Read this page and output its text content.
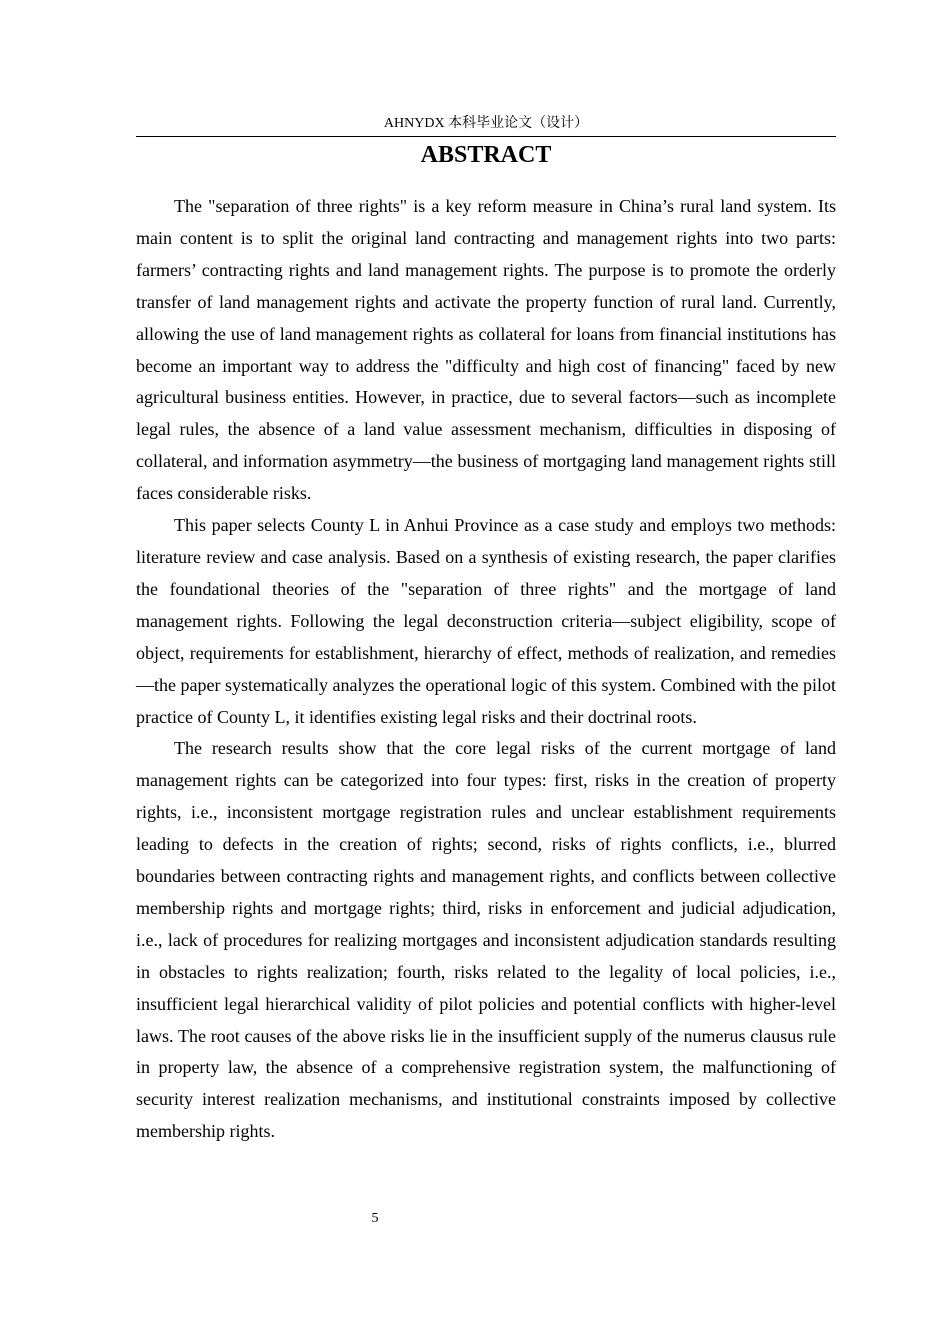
AHNYDX 本科毕业论文（设计）
ABSTRACT

The "separation of three rights" is a key reform measure in China’s rural land system. Its main content is to split the original land contracting and management rights into two parts: farmers’ contracting rights and land management rights. The purpose is to promote the orderly transfer of land management rights and activate the property function of rural land. Currently, allowing the use of land management rights as collateral for loans from financial institutions has become an important way to address the "difficulty and high cost of financing" faced by new agricultural business entities. However, in practice, due to several factors—such as incomplete legal rules, the absence of a land value assessment mechanism, difficulties in disposing of collateral, and information asymmetry—the business of mortgaging land management rights still faces considerable risks.

This paper selects County L in Anhui Province as a case study and employs two methods: literature review and case analysis. Based on a synthesis of existing research, the paper clarifies the foundational theories of the "separation of three rights" and the mortgage of land management rights. Following the legal deconstruction criteria—subject eligibility, scope of object, requirements for establishment, hierarchy of effect, methods of realization, and remedies—the paper systematically analyzes the operational logic of this system. Combined with the pilot practice of County L, it identifies existing legal risks and their doctrinal roots.

The research results show that the core legal risks of the current mortgage of land management rights can be categorized into four types: first, risks in the creation of property rights, i.e., inconsistent mortgage registration rules and unclear establishment requirements leading to defects in the creation of rights; second, risks of rights conflicts, i.e., blurred boundaries between contracting rights and management rights, and conflicts between collective membership rights and mortgage rights; third, risks in enforcement and judicial adjudication, i.e., lack of procedures for realizing mortgages and inconsistent adjudication standards resulting in obstacles to rights realization; fourth, risks related to the legality of local policies, i.e., insufficient legal hierarchical validity of pilot policies and potential conflicts with higher-level laws. The root causes of the above risks lie in the insufficient supply of the numerus clausus rule in property law, the absence of a comprehensive registration system, the malfunctioning of security interest realization mechanisms, and institutional constraints imposed by collective membership rights.

5
